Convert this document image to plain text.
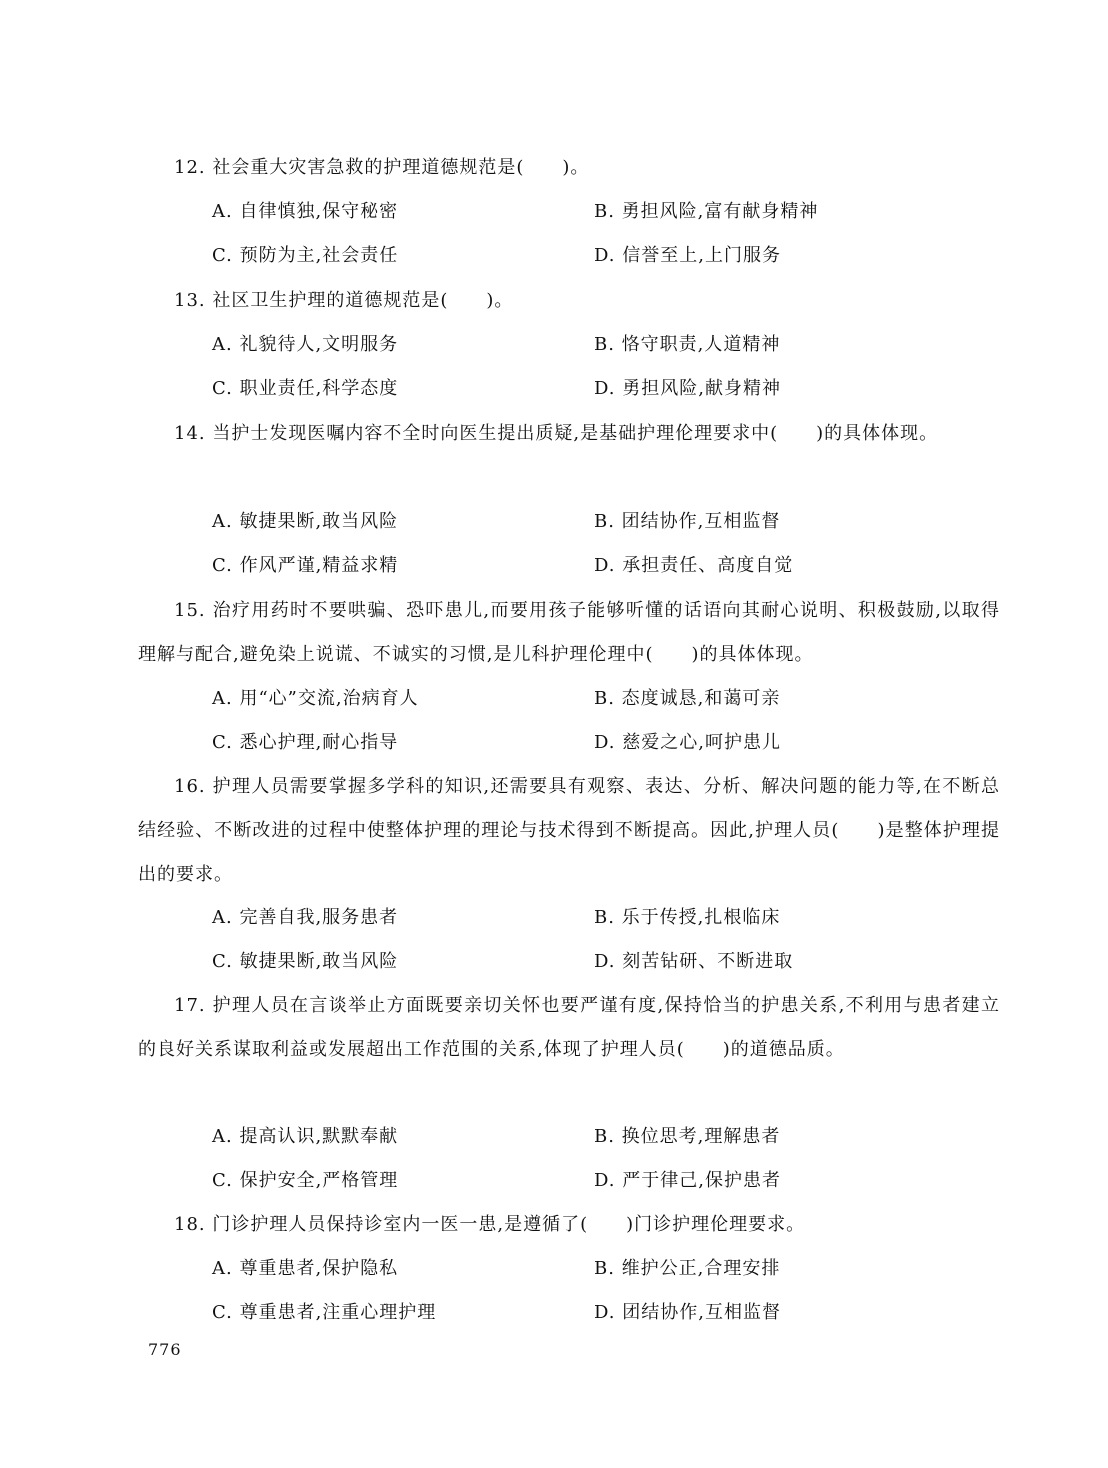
12. 社会重大灾害急救的护理道德规范是(　　)。
A. 自律慎独,保守秘密	B. 勇担风险,富有献身精神
C. 预防为主,社会责任	D. 信誉至上,上门服务
13. 社区卫生护理的道德规范是(　　)。
A. 礼貌待人,文明服务	B. 恪守职责,人道精神
C. 职业责任,科学态度	D. 勇担风险,献身精神
14. 当护士发现医嘱内容不全时向医生提出质疑,是基础护理伦理要求中(　　)的具体体现。
A. 敏捷果断,敢当风险	B. 团结协作,互相监督
C. 作风严谨,精益求精	D. 承担责任、高度自觉
15. 治疗用药时不要哄骗、恐吓患儿,而要用孩子能够听懂的话语向其耐心说明、积极鼓励,以取得理解与配合,避免染上说谎、不诚实的习惯,是儿科护理伦理中(　　)的具体体现。
A. 用“心”交流,治病育人	B. 态度诚恳,和蔼可亲
C. 悉心护理,耐心指导	D. 慈爱之心,呵护患儿
16. 护理人员需要掌握多学科的知识,还需要具有观察、表达、分析、解决问题的能力等,在不断总结经验、不断改进的过程中使整体护理的理论与技术得到不断提高。因此,护理人员(　　)是整体护理提出的要求。
A. 完善自我,服务患者	B. 乐于传授,扎根临床
C. 敏捷果断,敢当风险	D. 刻苦钻研、不断进取
17. 护理人员在言谈举止方面既要亲切关怀也要严谨有度,保持恰当的护患关系,不利用与患者建立的良好关系谋取利益或发展超出工作范围的关系,体现了护理人员(　　)的道德品质。
A. 提高认识,默默奉献	B. 换位思考,理解患者
C. 保护安全,严格管理	D. 严于律己,保护患者
18. 门诊护理人员保持诊室内一医一患,是遵循了(　　)门诊护理伦理要求。
A. 尊重患者,保护隐私	B. 维护公正,合理安排
C. 尊重患者,注重心理护理	D. 团结协作,互相监督
776
